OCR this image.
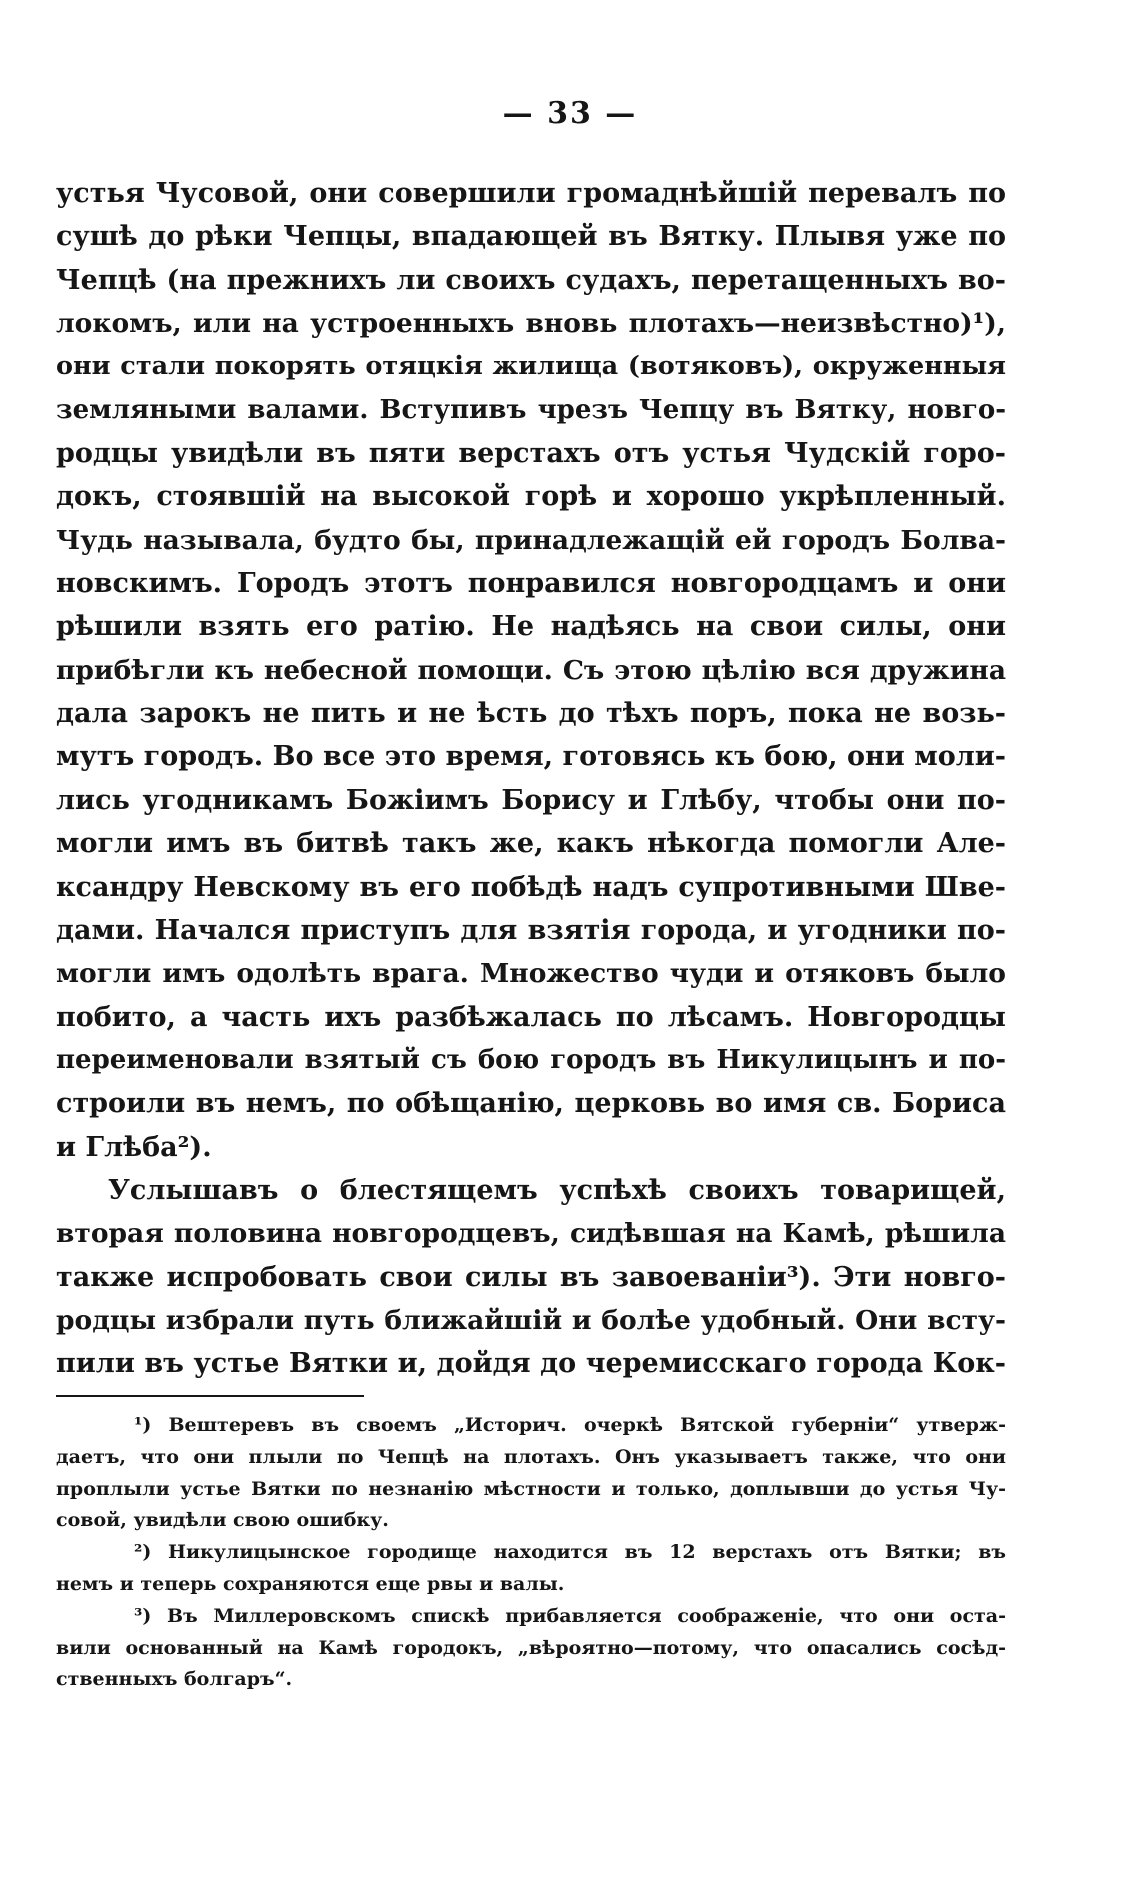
— 33 —
устья Чусовой, они совершили громаднѣйшій перевалъ по
сушѣ до рѣки Чепцы, впадающей въ Вятку. Плывя уже по
Чепцѣ (на прежнихъ ли своихъ судахъ, перетащенныхъ во-
локомъ, или на устроенныхъ вновь плотахъ—неизвѣстно)¹),
они стали покорять отяцкія жилища (вотяковъ), окруженныя
земляными валами. Вступивъ чрезъ Чепцу въ Вятку, новго-
родцы увидѣли въ пяти верстахъ отъ устья Чудскій горо-
докъ, стоявшій на высокой горѣ и хорошо укрѣпленный.
Чудь называла, будто бы, принадлежащій ей городъ Болва-
новскимъ. Городъ этотъ понравился новгородцамъ и они
рѣшили взять его ратію. Не надѣясь на свои силы, они
прибѣгли къ небесной помощи. Съ этою цѣлію вся дружина
дала зарокъ не пить и не ѣсть до тѣхъ поръ, пока не возь-
мутъ городъ. Во все это время, готовясь къ бою, они моли-
лись угодникамъ Божіимъ Борису и Глѣбу, чтобы они по-
могли имъ въ битвѣ такъ же, какъ нѣкогда помогли Але-
ксандру Невскому въ его побѣдѣ надъ супротивными Шве-
дами. Начался приступъ для взятія города, и угодники по-
могли имъ одолѣть врага. Множество чуди и отяковъ было
побито, а часть ихъ разбѣжалась по лѣсамъ. Новгородцы
переименовали взятый съ бою городъ въ Никулицынъ и по-
строили въ немъ, по обѣщанію, церковь во имя св. Бориса
и Глѣба²).
Услышавъ о блестящемъ успѣхѣ своихъ товарищей,
вторая половина новгородцевъ, сидѣвшая на Камѣ, рѣшила
также испробовать свои силы въ завоеваніи³). Эти новго-
родцы избрали путь ближайшій и болѣе удобный. Они всту-
пили въ устье Вятки и, дойдя до черемисскаго города Кок-
¹) Вештеревъ въ своемъ „Историч. очеркѣ Вятской губерніи“ утверж-
даетъ, что они плыли по Чепцѣ на плотахъ. Онъ указываетъ также, что они
проплыли устье Вятки по незнанію мѣстности и только, доплывши до устья Чу-
совой, увидѣли свою ошибку.
²) Никулицынское городище находится въ 12 верстахъ отъ Вятки; въ
немъ и теперь сохраняются еще рвы и валы.
³) Въ Миллеровскомъ спискѣ прибавляется соображеніе, что они оста-
вили основанный на Камѣ городокъ, „вѣроятно—потому, что опасались сосѣд-
ственныхъ болгаръ“.
